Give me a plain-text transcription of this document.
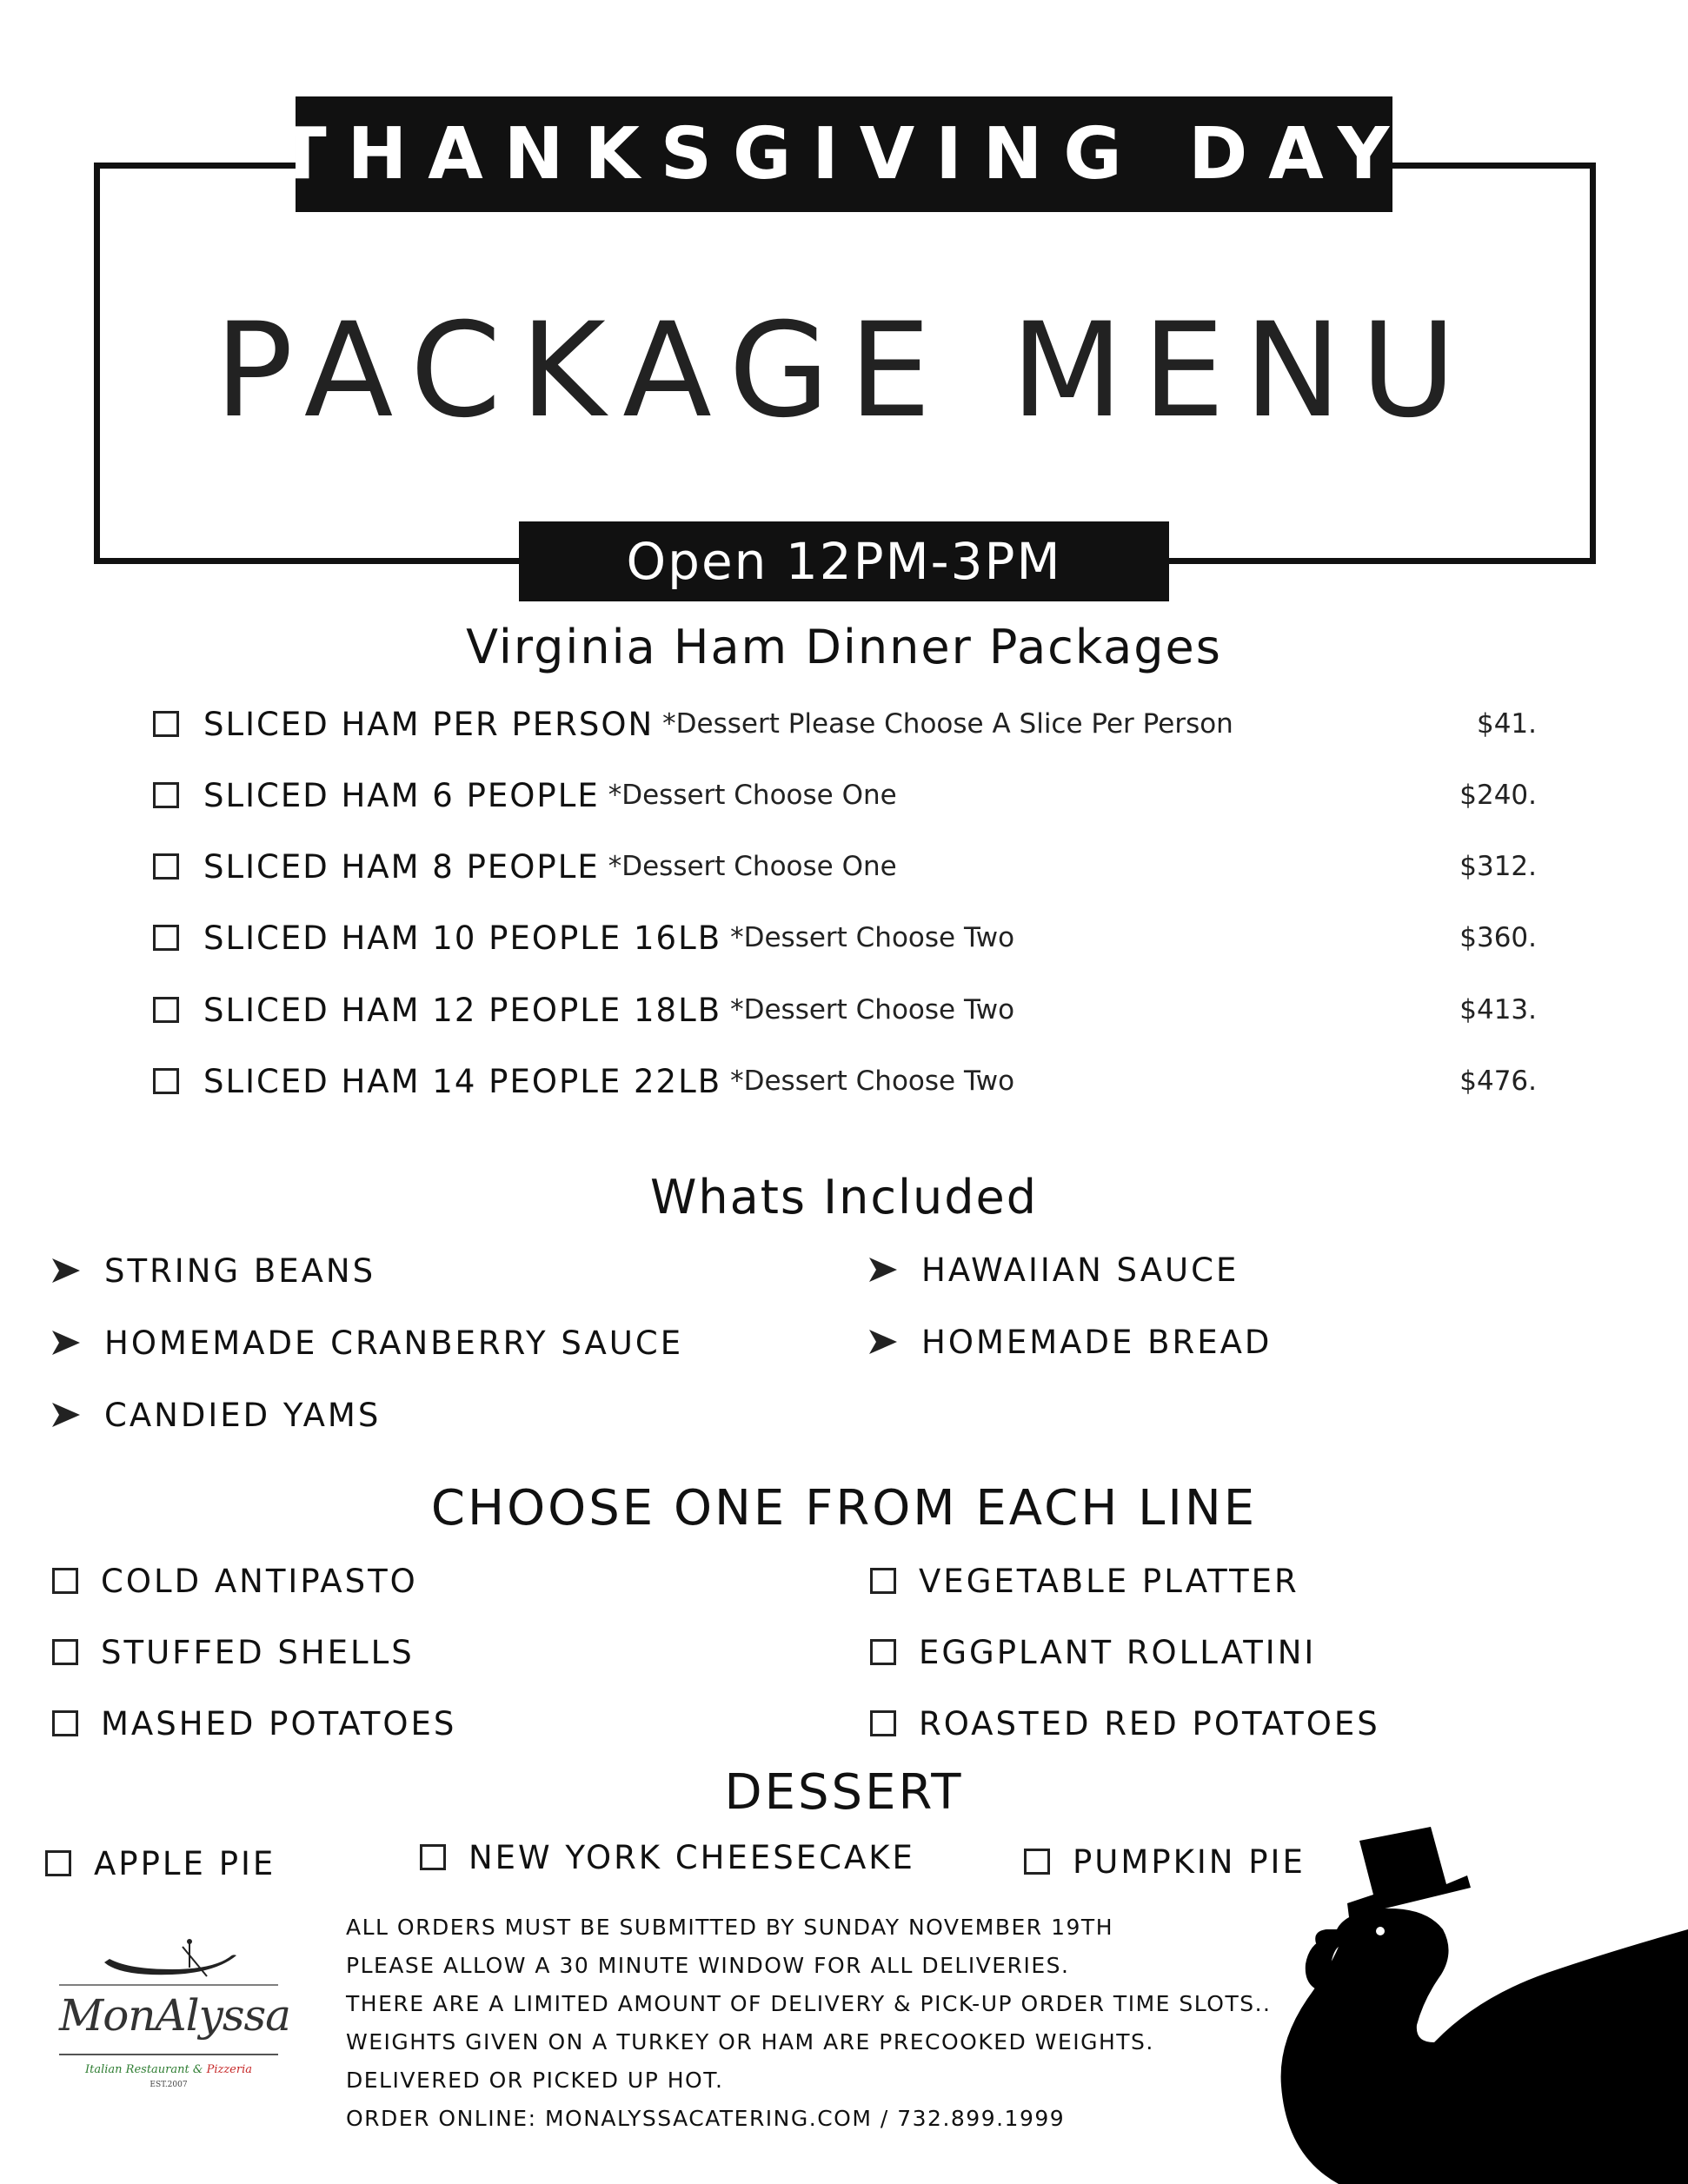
THANKSGIVING DAY
PACKAGE MENU
Open 12PM-3PM
Virginia Ham Dinner Packages
SLICED HAM PER PERSON *Dessert Please Choose A Slice Per Person	$41.
SLICED HAM 6 PEOPLE *Dessert Choose One	$240.
SLICED HAM 8 PEOPLE *Dessert Choose One	$312.
SLICED HAM 10 PEOPLE 16LB *Dessert Choose Two	$360.
SLICED HAM 12 PEOPLE 18LB *Dessert Choose Two	$413.
SLICED HAM 14 PEOPLE 22LB *Dessert Choose Two	$476.
Whats Included
STRING BEANS
HOMEMADE CRANBERRY SAUCE
CANDIED YAMS
HAWAIIAN SAUCE
HOMEMADE BREAD
CHOOSE ONE FROM EACH LINE
COLD ANTIPASTO
STUFFED SHELLS
MASHED POTATOES
VEGETABLE PLATTER
EGGPLANT ROLLATINI
ROASTED RED POTATOES
DESSERT
APPLE PIE	NEW YORK CHEESECAKE	PUMPKIN PIE
ALL ORDERS MUST BE SUBMITTED BY SUNDAY NOVEMBER 19TH
PLEASE ALLOW A 30 MINUTE WINDOW FOR ALL DELIVERIES.
THERE ARE A LIMITED AMOUNT OF DELIVERY & PICK-UP ORDER TIME SLOTS..
WEIGHTS GIVEN ON A TURKEY OR HAM ARE PRECOOKED WEIGHTS.
DELIVERED OR PICKED UP HOT.
ORDER ONLINE: MONALYSSACATERING.COM / 732.899.1999
MonAlyssa
Italian Restaurant & Pizzeria
EST.2007
